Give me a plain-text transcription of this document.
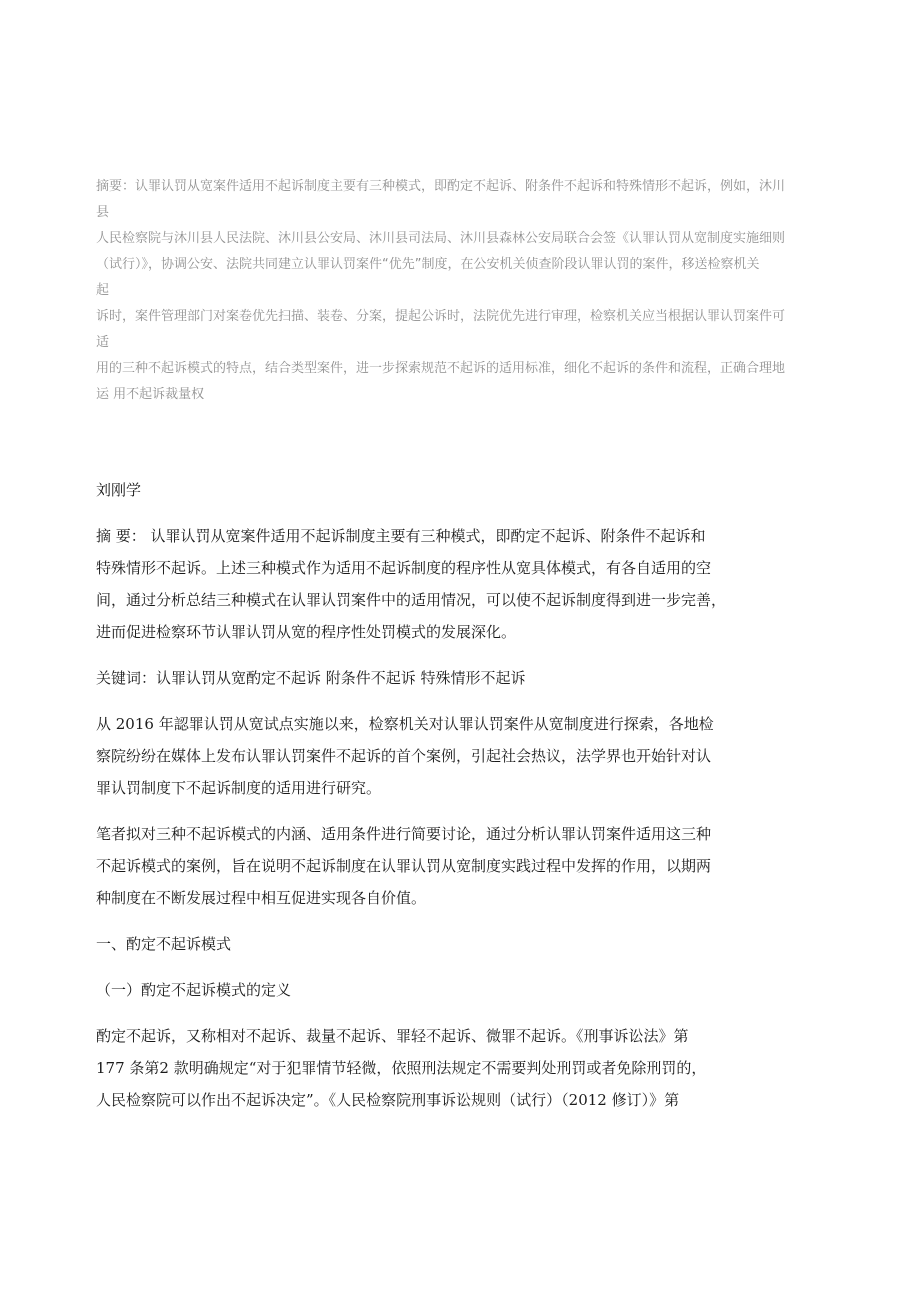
摘要：认罪认罚从宽案件适用不起诉制度主要有三种模式，即酌定不起诉、附条件不起诉和特殊情形不起诉，例如，沐川
县
人民检察院与沐川县人民法院、沐川县公安局、沐川县司法局、沐川县森林公安局联合会签《认罪认罚从宽制度实施细则
（试行）》，协调公安、法院共同建立认罪认罚案件“优先”制度，在公安机关侦查阶段认罪认罚的案件，移送检察机关
起
诉时，案件管理部门对案卷优先扫描、装卷、分案，提起公诉时，法院优先进行审理，检察机关应当根据认罪认罚案件可
适
用的三种不起诉模式的特点，结合类型案件，进一步探索规范不起诉的适用标准，细化不起诉的条件和流程，正确合理地
运 用不起诉裁量权
刘刚学
摘 要： 认罪认罚从宽案件适用不起诉制度主要有三种模式，即酌定不起诉、附条件不起诉和
特殊情形不起诉。上述三种模式作为适用不起诉制度的程序性从宽具体模式，有各自适用的空
间，通过分析总结三种模式在认罪认罚案件中的适用情况，可以使不起诉制度得到进一步完善，
进而促进检察环节认罪认罚从宽的程序性处罚模式的发展深化。
关键词：认罪认罚从宽酌定不起诉 附条件不起诉 特殊情形不起诉
从 2016 年認罪认罚从宽试点实施以来，检察机关对认罪认罚案件从宽制度进行探索，各地检
察院纷纷在媒体上发布认罪认罚案件不起诉的首个案例，引起社会热议，法学界也开始针对认
罪认罚制度下不起诉制度的适用进行研究。
笔者拟对三种不起诉模式的内涵、适用条件进行简要讨论，通过分析认罪认罚案件适用这三种
不起诉模式的案例，旨在说明不起诉制度在认罪认罚从宽制度实践过程中发挥的作用，以期两
种制度在不断发展过程中相互促进实现各自价值。
一、酌定不起诉模式
（一）酌定不起诉模式的定义
酌定不起诉，又称相对不起诉、裁量不起诉、罪轻不起诉、微罪不起诉。《刑事诉讼法》第
177 条第2 款明确规定“对于犯罪情节轻微，依照刑法规定不需要判处刑罚或者免除刑罚的，
人民检察院可以作出不起诉决定”。《人民检察院刑事诉讼规则（试行）（2012 修订）》第
